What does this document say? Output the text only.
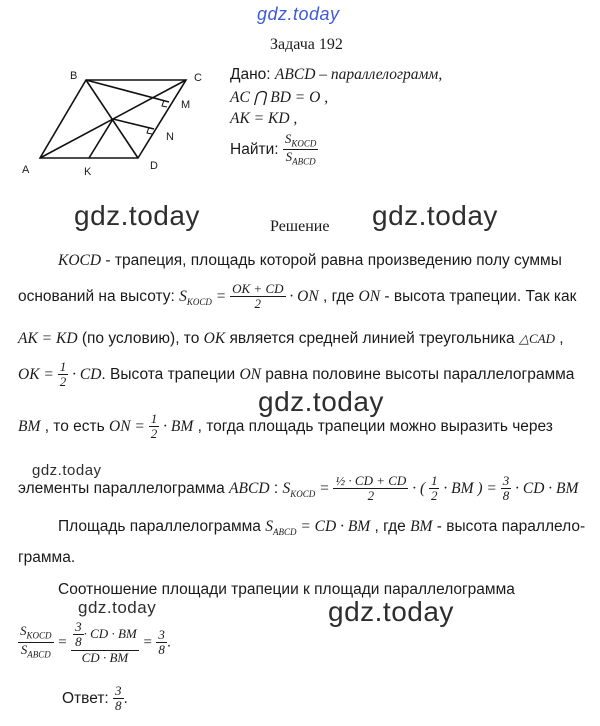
gdz.today
Задача 192
A
B	C
D
K
M
N
Дано: ABCD – параллелограмм,
AC ⋂ BD = O ,
AK = KD ,
Найти: $\frac{S_{KOCD}}{S_{ABCD}}$
gdz.today	Решение gdz.today
KOCD - трапеция, площадь которой равна произведению полу суммы
оснований на высоту: $S_{KOCD} = \frac{OK + CD}{2}$ · ON , где ON - высота трапеции. Так как
AK = KD (по условию), то OK является средней линией треугольника △CAD ,
OK = $\frac{1}{2}$ · CD. Высота трапеции ON равна половине высоты параллелограмма
gdz.today
BM , то есть ON = $\frac{1}{2}$ · BM , тогда площадь трапеции можно выразить через
gdz.today
элементы параллелограмма ABCD : $S_{KOCD} = \frac{\text{½ · CD + CD}}{2}$ · ( $\frac{1}{2}$ · BM ) = $\frac{3}{8}$ · CD · BM
Площадь параллелограмма $S_{ABCD}$ = CD · BM , где BM - высота параллело-
грамма.
Соотношение площади трапеции к площади параллелограмма
gdz.today	gdz.today
$\frac{S_{KOCD}}{S_{ABCD}} = \frac{\frac{3}{8} \cdot CD \cdot BM}{CD \cdot BM} = \frac{3}{8}$ .
Ответ: $\frac{3}{8}$ .
